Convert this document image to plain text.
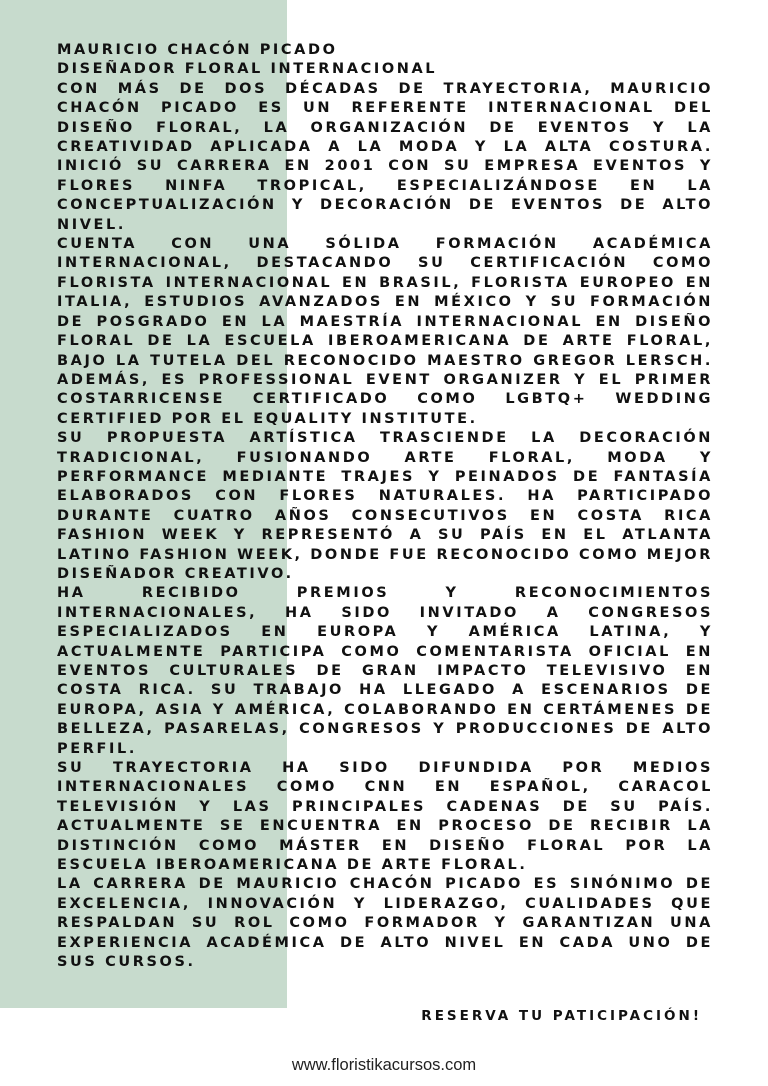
MAURICIO CHACÓN PICADO
DISEÑADOR FLORAL INTERNACIONAL

CON MÁS DE DOS DÉCADAS DE TRAYECTORIA, MAURICIO CHACÓN PICADO ES UN REFERENTE INTERNACIONAL DEL DISEÑO FLORAL, LA ORGANIZACIÓN DE EVENTOS Y LA CREATIVIDAD APLICADA A LA MODA Y LA ALTA COSTURA. INICIÓ SU CARRERA EN 2001 CON SU EMPRESA EVENTOS Y FLORES NINFA TROPICAL, ESPECIALIZÁNDOSE EN LA CONCEPTUALIZACIÓN Y DECORACIÓN DE EVENTOS DE ALTO NIVEL.

CUENTA CON UNA SÓLIDA FORMACIÓN ACADÉMICA INTERNACIONAL, DESTACANDO SU CERTIFICACIÓN COMO FLORISTA INTERNACIONAL EN BRASIL, FLORISTA EUROPEO EN ITALIA, ESTUDIOS AVANZADOS EN MÉXICO Y SU FORMACIÓN DE POSGRADO EN LA MAESTRÍA INTERNACIONAL EN DISEÑO FLORAL DE LA ESCUELA IBEROAMERICANA DE ARTE FLORAL, BAJO LA TUTELA DEL RECONOCIDO MAESTRO GREGOR LERSCH. ADEMÁS, ES PROFESSIONAL EVENT ORGANIZER Y EL PRIMER COSTARRICENSE CERTIFICADO COMO LGBTQ+ WEDDING CERTIFIED POR EL EQUALITY INSTITUTE.

SU PROPUESTA ARTÍSTICA TRASCIENDE LA DECORACIÓN TRADICIONAL, FUSIONANDO ARTE FLORAL, MODA Y PERFORMANCE MEDIANTE TRAJES Y PEINADOS DE FANTASÍA ELABORADOS CON FLORES NATURALES. HA PARTICIPADO DURANTE CUATRO AÑOS CONSECUTIVOS EN COSTA RICA FASHION WEEK Y REPRESENTÓ A SU PAÍS EN EL ATLANTA LATINO FASHION WEEK, DONDE FUE RECONOCIDO COMO MEJOR DISEÑADOR CREATIVO.

HA RECIBIDO PREMIOS Y RECONOCIMIENTOS INTERNACIONALES, HA SIDO INVITADO A CONGRESOS ESPECIALIZADOS EN EUROPA Y AMÉRICA LATINA, Y ACTUALMENTE PARTICIPA COMO COMENTARISTA OFICIAL EN EVENTOS CULTURALES DE GRAN IMPACTO TELEVISIVO EN COSTA RICA. SU TRABAJO HA LLEGADO A ESCENARIOS DE EUROPA, ASIA Y AMÉRICA, COLABORANDO EN CERTÁMENES DE BELLEZA, PASARELAS, CONGRESOS Y PRODUCCIONES DE ALTO PERFIL.

SU TRAYECTORIA HA SIDO DIFUNDIDA POR MEDIOS INTERNACIONALES COMO CNN EN ESPAÑOL, CARACOL TELEVISIÓN Y LAS PRINCIPALES CADENAS DE SU PAÍS. ACTUALMENTE SE ENCUENTRA EN PROCESO DE RECIBIR LA DISTINCIÓN COMO MÁSTER EN DISEÑO FLORAL POR LA ESCUELA IBEROAMERICANA DE ARTE FLORAL.

LA CARRERA DE MAURICIO CHACÓN PICADO ES SINÓNIMO DE EXCELENCIA, INNOVACIÓN Y LIDERAZGO, CUALIDADES QUE RESPALDAN SU ROL COMO FORMADOR Y GARANTIZAN UNA EXPERIENCIA ACADÉMICA DE ALTO NIVEL EN CADA UNO DE SUS CURSOS.

RESERVA TU PATICIPACIÓN!
www.floristikacursos.com
